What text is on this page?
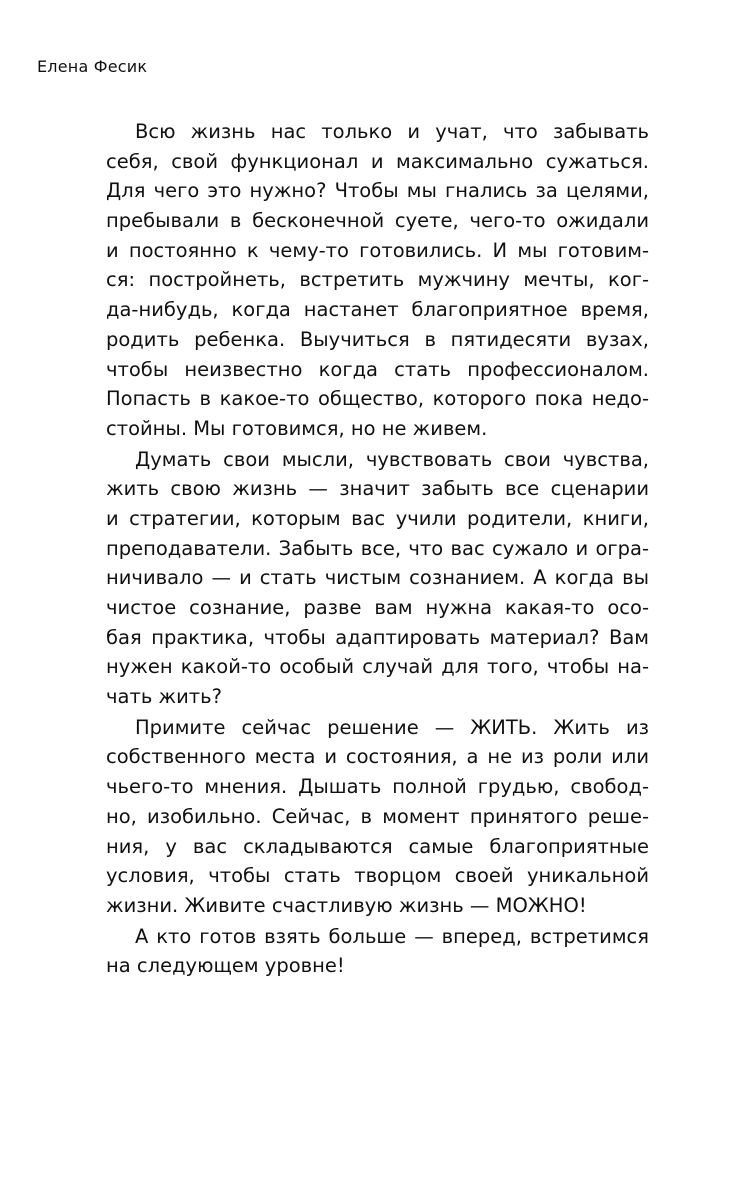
Елена Фесик
Всю жизнь нас только и учат, что забывать
себя, свой функционал и максимально сужаться.
Для чего это нужно? Чтобы мы гнались за целями,
пребывали в бесконечной суете, чего-то ожидали
и постоянно к чему-то готовились. И мы готовим-
ся: постройнеть, встретить мужчину мечты, ког-
да-нибудь, когда настанет благоприятное время,
родить ребенка. Выучиться в пятидесяти вузах,
чтобы неизвестно когда стать профессионалом.
Попасть в какое-то общество, которого пока недо-
стойны. Мы готовимся, но не живем.
Думать свои мысли, чувствовать свои чувства,
жить свою жизнь — значит забыть все сценарии
и стратегии, которым вас учили родители, книги,
преподаватели. Забыть все, что вас сужало и огра-
ничивало — и стать чистым сознанием. А когда вы
чистое сознание, разве вам нужна какая-то осо-
бая практика, чтобы адаптировать материал? Вам
нужен какой-то особый случай для того, чтобы на-
чать жить?
Примите сейчас решение — ЖИТЬ. Жить из
собственного места и состояния, а не из роли или
чьего-то мнения. Дышать полной грудью, свобод-
но, изобильно. Сейчас, в момент принятого реше-
ния, у вас складываются самые благоприятные
условия, чтобы стать творцом своей уникальной
жизни. Живите счастливую жизнь — МОЖНО!
А кто готов взять больше — вперед, встретимся
на следующем уровне!
